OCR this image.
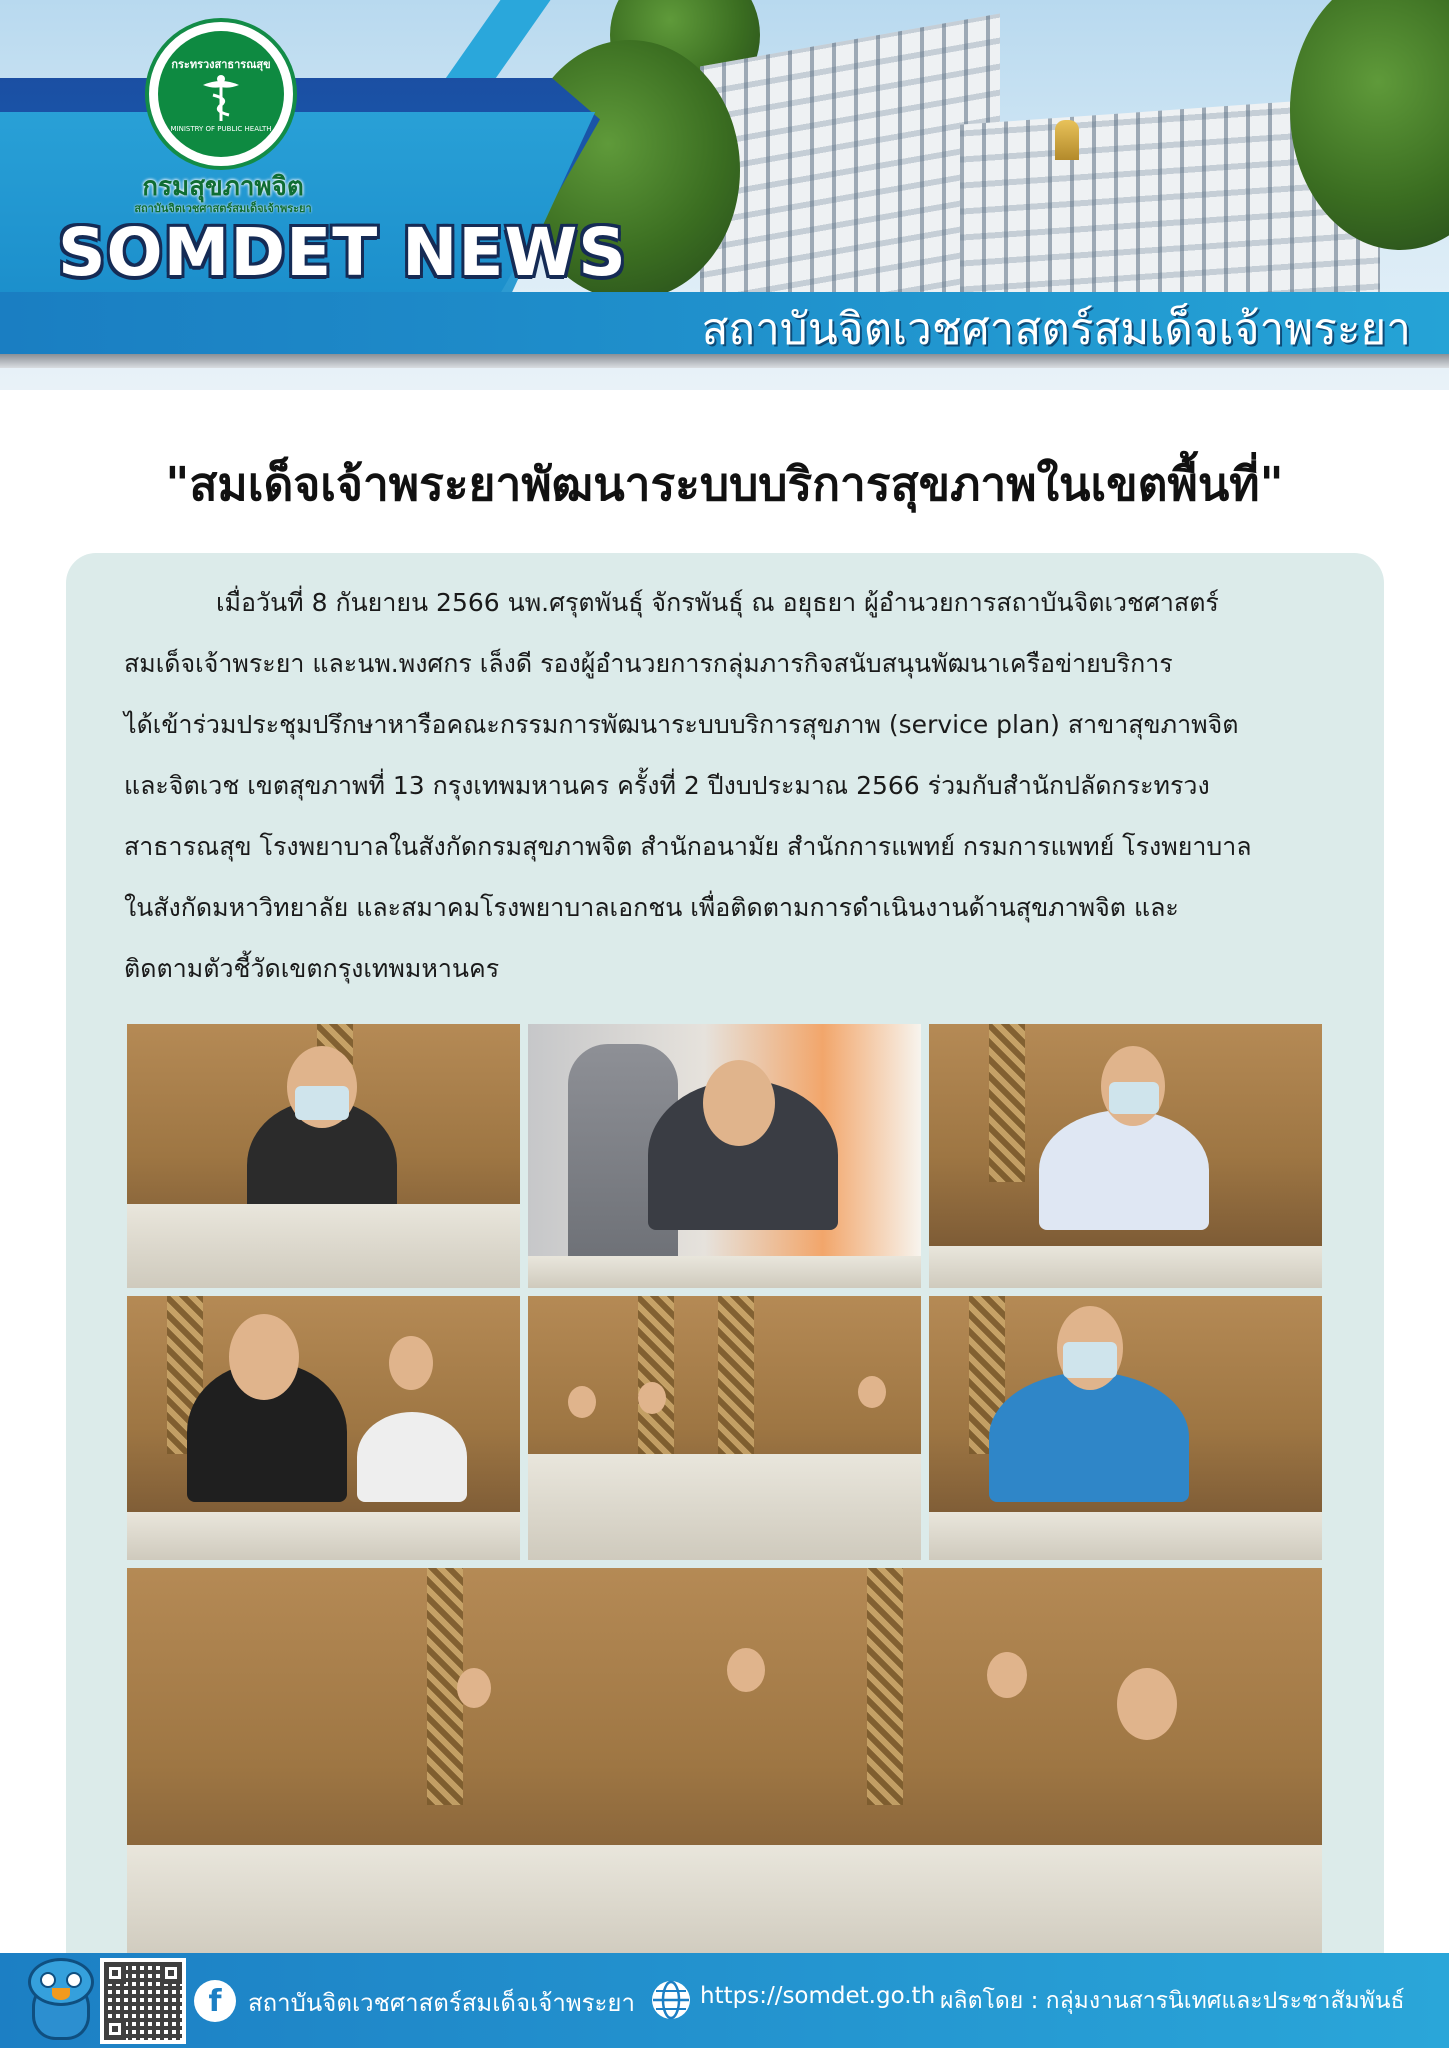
กระทรวงสาธารณสุข
MINISTRY OF PUBLIC HEALTH
กรมสุขภาพจิต
สถาบันจิตเวชศาสตร์สมเด็จเจ้าพระยา
SOMDET NEWS
สถาบันจิตเวชศาสตร์สมเด็จเจ้าพระยา
"สมเด็จเจ้าพระยาพัฒนาระบบบริการสุขภาพในเขตพื้นที่"
เมื่อวันที่ 8 กันยายน 2566 นพ.ศรุตพันธุ์ จักรพันธุ์ ณ อยุธยา ผู้อำนวยการสถาบันจิตเวชศาสตร์
สมเด็จเจ้าพระยา และนพ.พงศกร เล็งดี รองผู้อำนวยการกลุ่มภารกิจสนับสนุนพัฒนาเครือข่ายบริการ
ได้เข้าร่วมประชุมปรึกษาหารือคณะกรรมการพัฒนาระบบบริการสุขภาพ (service plan) สาขาสุขภาพจิต
และจิตเวช เขตสุขภาพที่ 13 กรุงเทพมหานคร ครั้งที่ 2 ปีงบประมาณ 2566 ร่วมกับสำนักปลัดกระทรวง
สาธารณสุข โรงพยาบาลในสังกัดกรมสุขภาพจิต สำนักอนามัย สำนักการแพทย์ กรมการแพทย์ โรงพยาบาล
ในสังกัดมหาวิทยาลัย และสมาคมโรงพยาบาลเอกชน เพื่อติดตามการดำเนินงานด้านสุขภาพจิต และ
ติดตามตัวชี้วัดเขตกรุงเทพมหานคร
f สถาบันจิตเวชศาสตร์สมเด็จเจ้าพระยา	https://somdet.go.th ผลิตโดย : กลุ่มงานสารนิเทศและประชาสัมพันธ์
